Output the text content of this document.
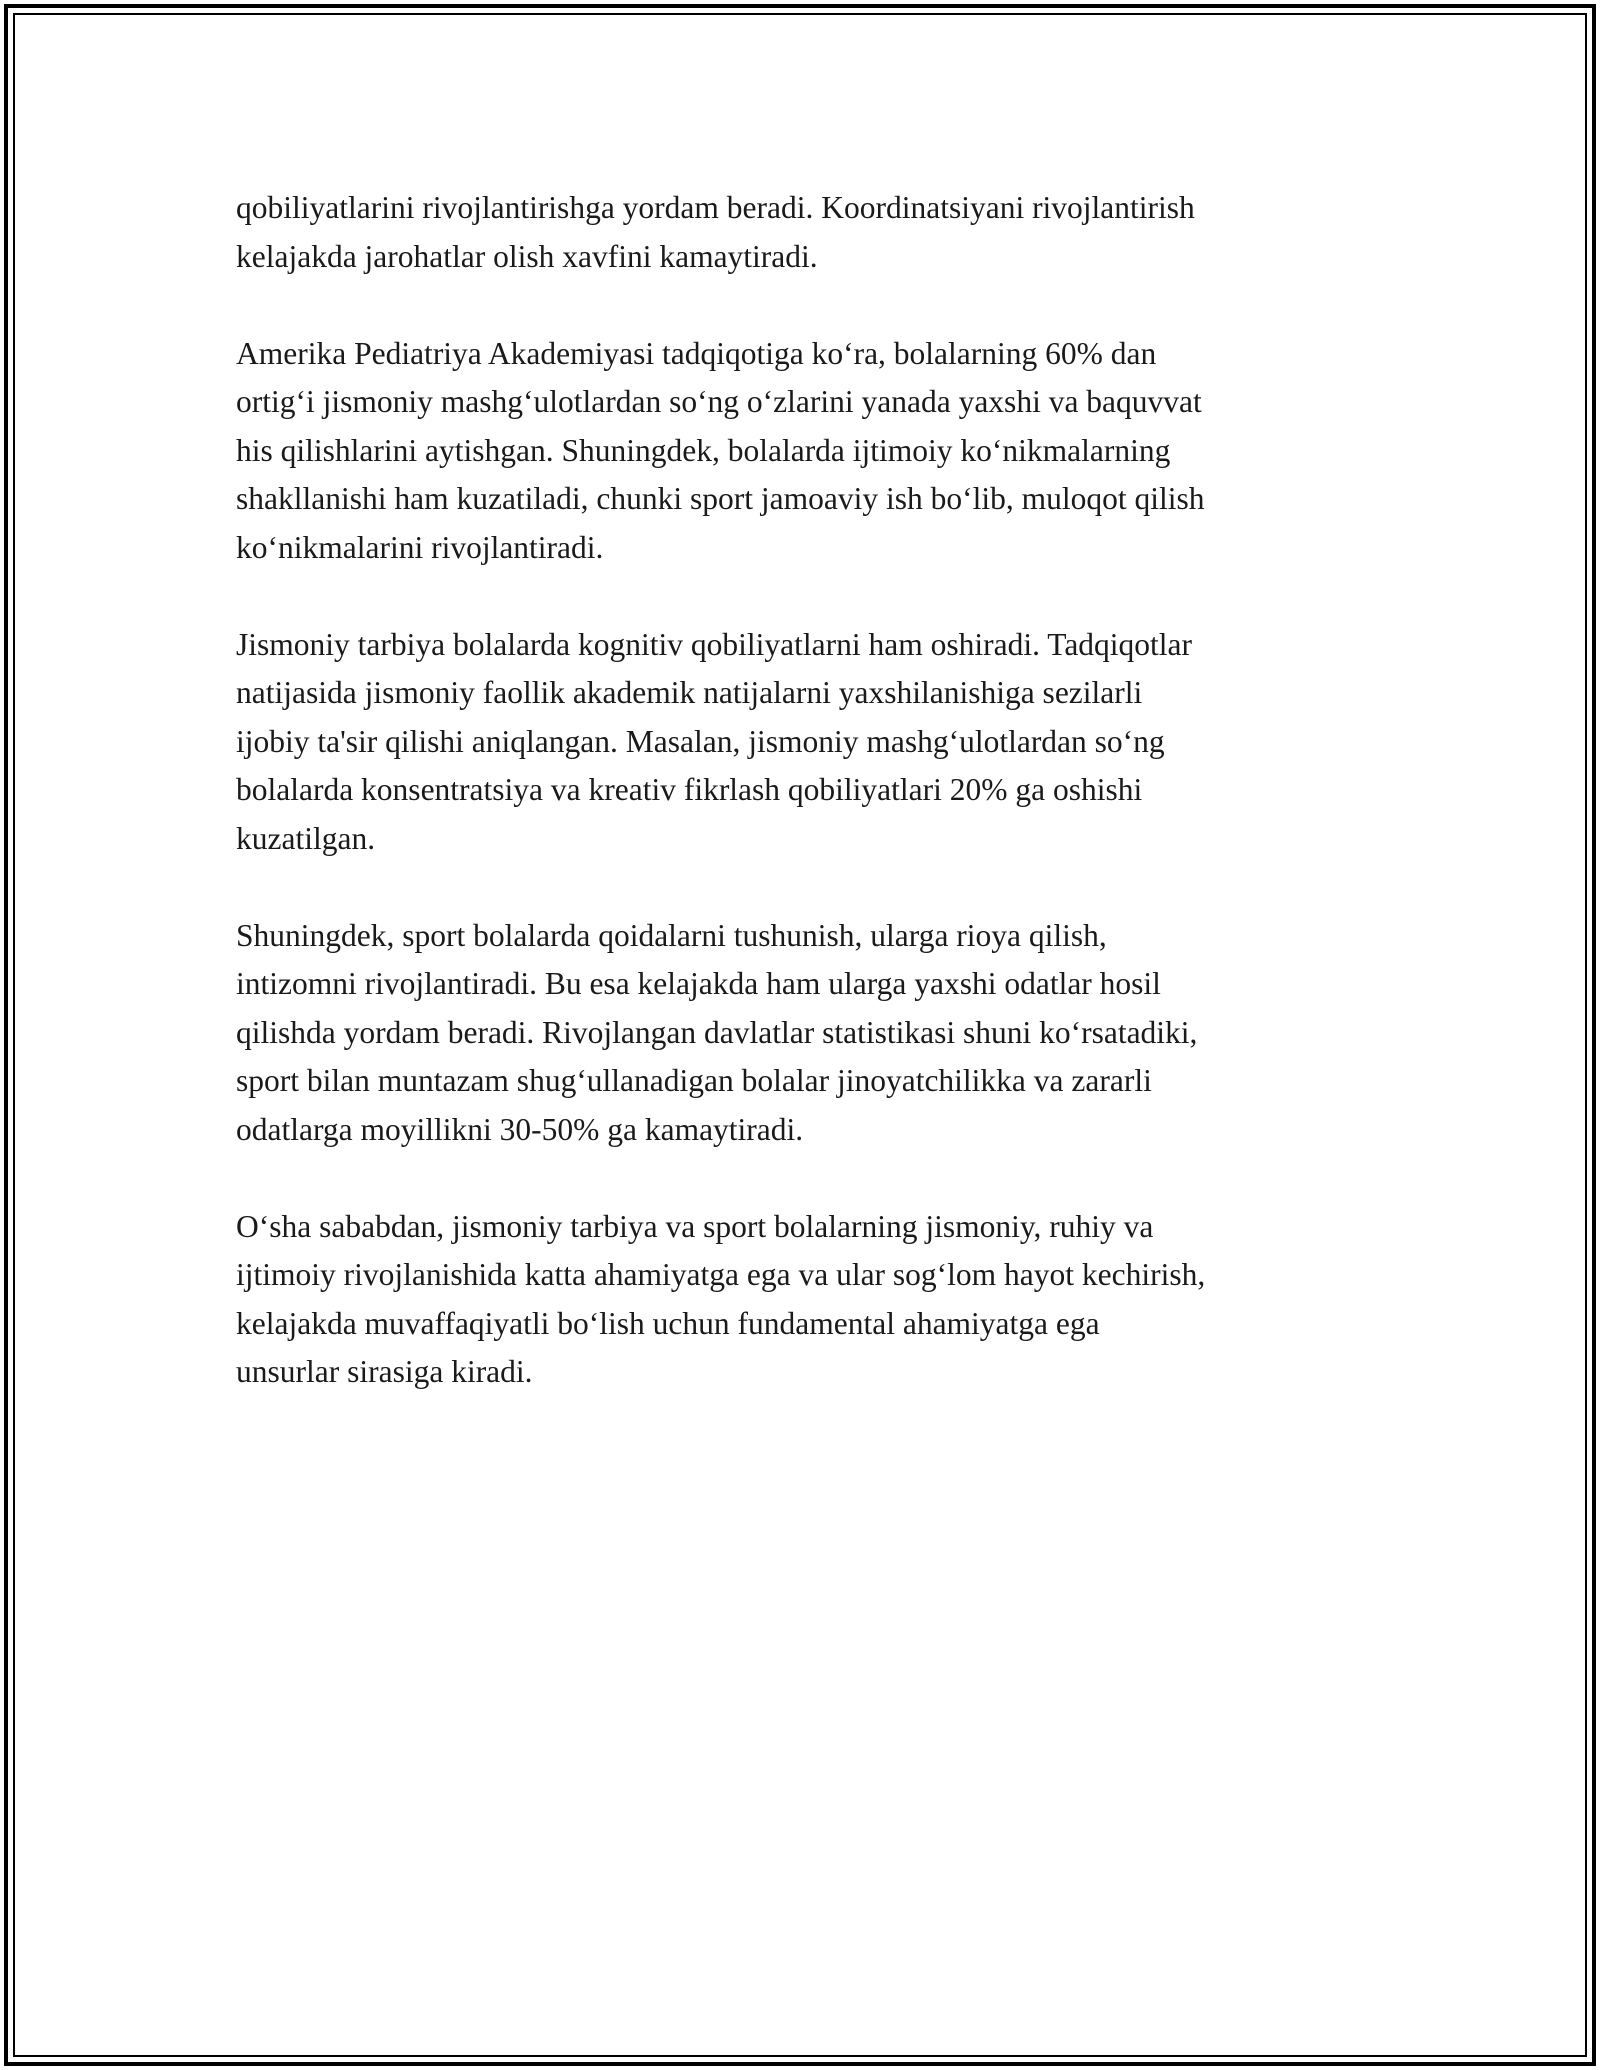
qobiliyatlarini rivojlantirishga yordam beradi. Koordinatsiyani rivojlantirish
kelajakda jarohatlar olish xavfini kamaytiradi.

Amerika Pediatriya Akademiyasi tadqiqotiga koʻra, bolalarning 60% dan
ortigʻi jismoniy mashgʻulotlardan soʻng oʻzlarini yanada yaxshi va baquvvat
his qilishlarini aytishgan. Shuningdek, bolalarda ijtimoiy koʻnikmalarning
shakllanishi ham kuzatiladi, chunki sport jamoaviy ish boʻlib, muloqot qilish
koʻnikmalarini rivojlantiradi.

Jismoniy tarbiya bolalarda kognitiv qobiliyatlarni ham oshiradi. Tadqiqotlar
natijasida jismoniy faollik akademik natijalarni yaxshilanishiga sezilarli
ijobiy ta'sir qilishi aniqlangan. Masalan, jismoniy mashgʻulotlardan soʻng
bolalarda konsentratsiya va kreativ fikrlash qobiliyatlari 20% ga oshishi
kuzatilgan.

Shuningdek, sport bolalarda qoidalarni tushunish, ularga rioya qilish,
intizomni rivojlantiradi. Bu esa kelajakda ham ularga yaxshi odatlar hosil
qilishda yordam beradi. Rivojlangan davlatlar statistikasi shuni koʻrsatadiki,
sport bilan muntazam shugʻullanadigan bolalar jinoyatchilikka va zararli
odatlarga moyillikni 30-50% ga kamaytiradi.

Oʻsha sababdan, jismoniy tarbiya va sport bolalarning jismoniy, ruhiy va
ijtimoiy rivojlanishida katta ahamiyatga ega va ular sogʻlom hayot kechirish,
kelajakda muvaffaqiyatli boʻlish uchun fundamental ahamiyatga ega
unsurlar sirasiga kiradi.
